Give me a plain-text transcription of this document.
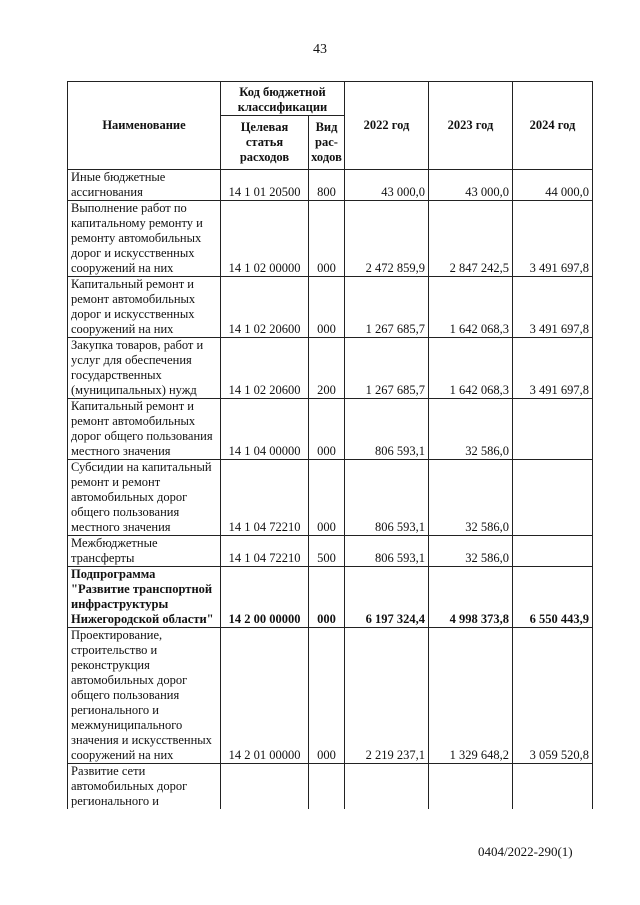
43
Наименование	Код бюджетной классификации		2022 год	2023 год	2024 год
	Целевая статья расходов	Вид рас-ходов			
Иные бюджетные ассигнования	14 1 01 20500	800	43 000,0	43 000,0	44 000,0
Выполнение работ по капитальному ремонту и ремонту автомобильных дорог и искусственных сооружений на них	14 1 02 00000	000	2 472 859,9	2 847 242,5	3 491 697,8
Капитальный ремонт и ремонт автомобильных дорог и искусственных сооружений на них	14 1 02 20600	000	1 267 685,7	1 642 068,3	3 491 697,8
Закупка товаров, работ и услуг для обеспечения государственных (муниципальных) нужд	14 1 02 20600	200	1 267 685,7	1 642 068,3	3 491 697,8
Капитальный ремонт и ремонт автомобильных дорог общего пользования местного значения	14 1 04 00000	000	806 593,1	32 586,0	
Субсидии на капитальный ремонт и ремонт автомобильных дорог общего пользования местного значения	14 1 04 72210	000	806 593,1	32 586,0	
Межбюджетные трансферты	14 1 04 72210	500	806 593,1	32 586,0	
Подпрограмма "Развитие транспортной инфраструктуры Нижегородской области"	14 2 00 00000	000	6 197 324,4	4 998 373,8	6 550 443,9
Проектирование, строительство и реконструкция автомобильных дорог общего пользования регионального и межмуниципального значения и искусственных сооружений на них	14 2 01 00000	000	2 219 237,1	1 329 648,2	3 059 520,8
Развитие сети автомобильных дорог регионального и					
0404/2022-290(1)
